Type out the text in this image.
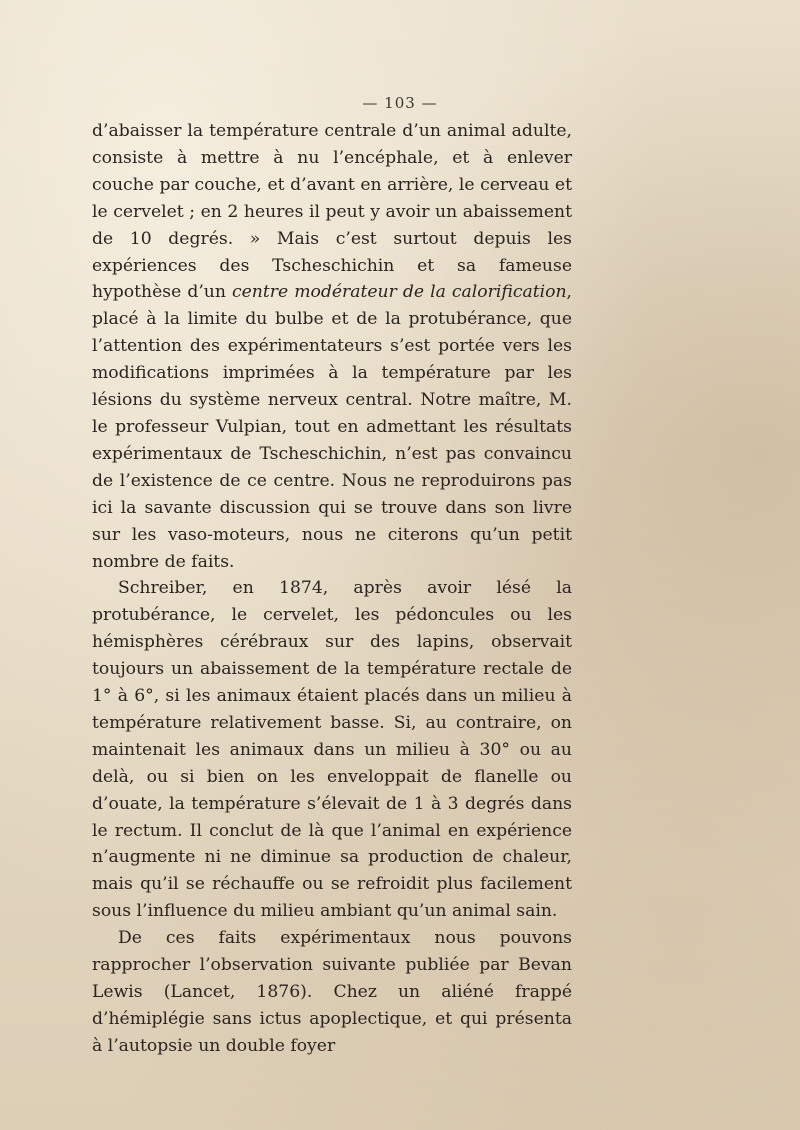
— 103 —

d’abaisser la température centrale d’un animal adulte, consiste à mettre à nu l’encéphale, et à enlever couche par couche, et d’avant en arrière, le cerveau et le cervelet ; en 2 heures il peut y avoir un abaissement de 10 degrés. » Mais c’est surtout depuis les expériences des Tscheschichin et sa fameuse hypothèse d’un centre modérateur de la calorification, placé à la limite du bulbe et de la protubérance, que l’attention des expérimentateurs s’est portée vers les modifications imprimées à la température par les lésions du système nerveux central. Notre maître, M. le professeur Vulpian, tout en admettant les résultats expérimentaux de Tscheschichin, n’est pas convaincu de l’existence de ce centre. Nous ne reproduirons pas ici la savante discussion qui se trouve dans son livre sur les vaso-moteurs, nous ne citerons qu’un petit nombre de faits.

Schreiber, en 1874, après avoir lésé la protubérance, le cervelet, les pédoncules ou les hémisphères cérébraux sur des lapins, observait toujours un abaissement de la température rectale de 1° à 6°, si les animaux étaient placés dans un milieu à température relativement basse. Si, au contraire, on maintenait les animaux dans un milieu à 30° ou au delà, ou si bien on les enveloppait de flanelle ou d’ouate, la température s’élevait de 1 à 3 degrés dans le rectum. Il conclut de là que l’animal en expérience n’augmente ni ne diminue sa production de chaleur, mais qu’il se réchauffe ou se refroidit plus facilement sous l’influence du milieu ambiant qu’un animal sain.

De ces faits expérimentaux nous pouvons rapprocher l’observation suivante publiée par Bevan Lewis (Lancet, 1876). Chez un aliéné frappé d’hémiplégie sans ictus apoplectique, et qui présenta à l’autopsie un double foyer
